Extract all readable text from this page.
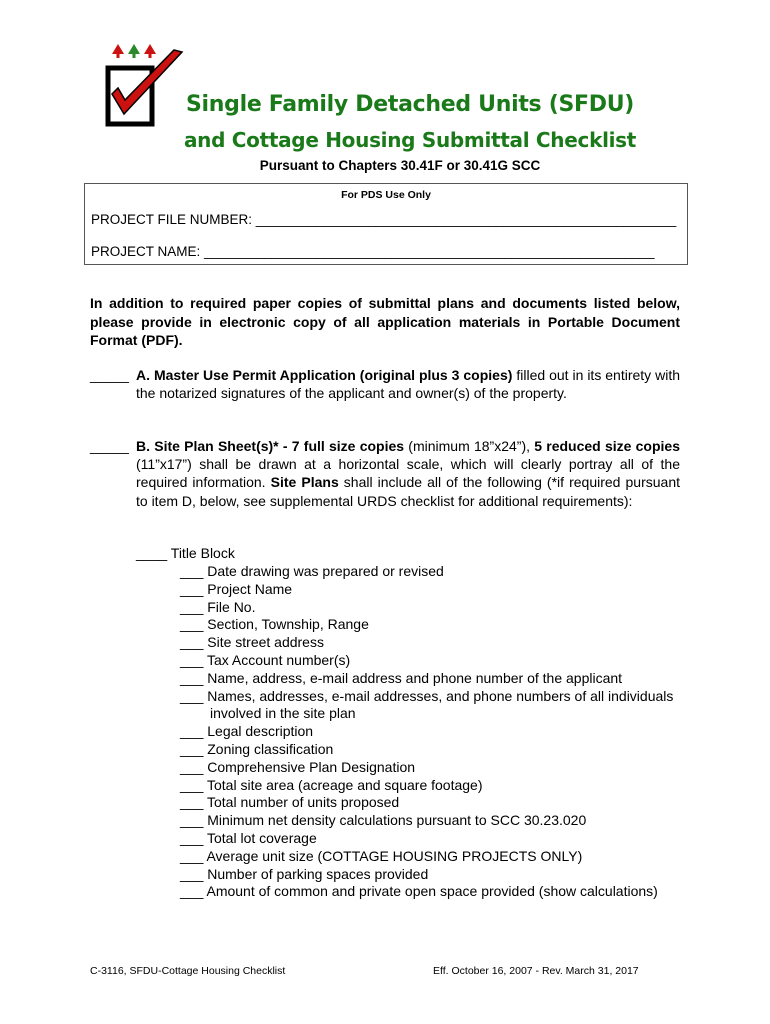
Single Family Detached Units (SFDU)
and Cottage Housing Submittal Checklist
Pursuant to Chapters 30.41F or 30.41G SCC
For PDS Use Only
PROJECT FILE NUMBER: ________________________________________________________
PROJECT NAME: ____________________________________________________________
In addition to required paper copies of submittal plans and documents listed below, please provide in electronic copy of all application materials in Portable Document Format (PDF).
_____ A. Master Use Permit Application (original plus 3 copies) filled out in its entirety with the notarized signatures of the applicant and owner(s) of the property.
_____ B. Site Plan Sheet(s)* - 7 full size copies (minimum 18”x24”), 5 reduced size copies (11”x17”) shall be drawn at a horizontal scale, which will clearly portray all of the required information. Site Plans shall include all of the following (*if required pursuant to item D, below, see supplemental URDS checklist for additional requirements):
____ Title Block
___ Date drawing was prepared or revised
___ Project Name
___ File No.
___ Section, Township, Range
___ Site street address
___ Tax Account number(s)
___ Name, address, e-mail address and phone number of the applicant
___ Names, addresses, e-mail addresses, and phone numbers of all individuals involved in the site plan
___ Legal description
___ Zoning classification
___ Comprehensive Plan Designation
___ Total site area (acreage and square footage)
___ Total number of units proposed
___ Minimum net density calculations pursuant to SCC 30.23.020
___ Total lot coverage
___ Average unit size (COTTAGE HOUSING PROJECTS ONLY)
___ Number of parking spaces provided
___ Amount of common and private open space provided (show calculations)
C-3116, SFDU-Cottage Housing Checklist	Eff. October 16, 2007 - Rev. March 31, 2017
